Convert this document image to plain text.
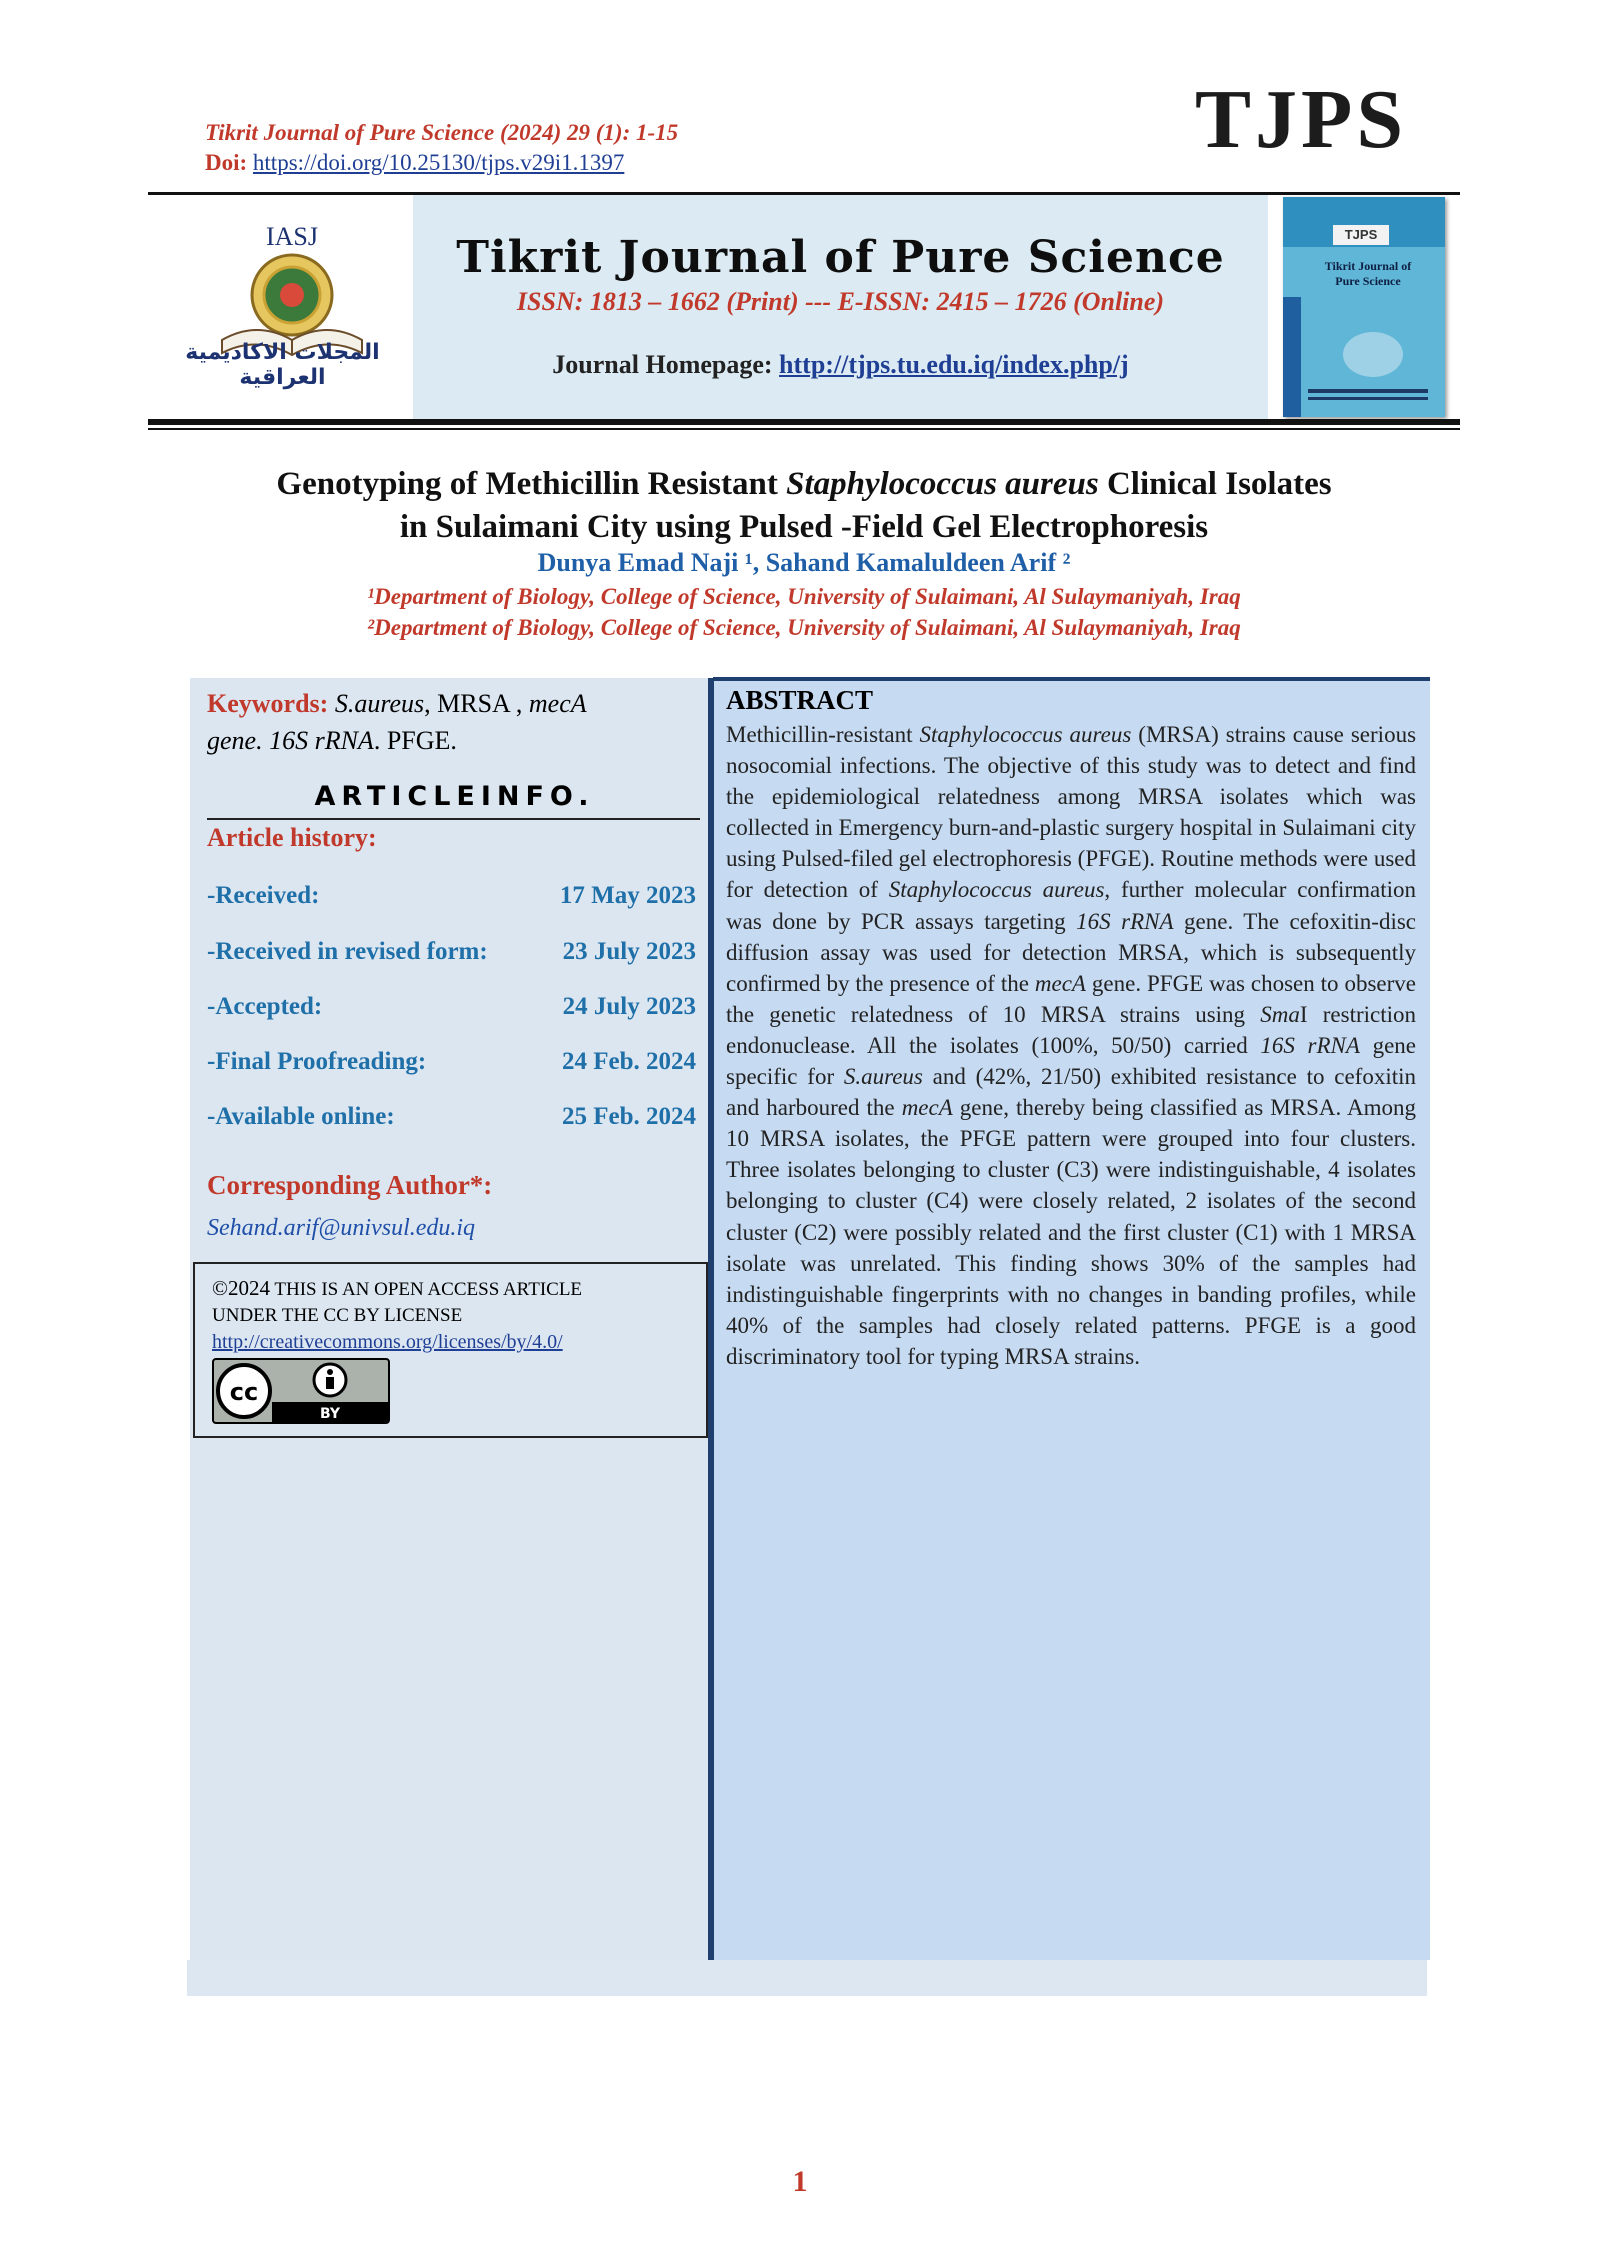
Tikrit Journal of Pure Science (2024) 29 (1): 1-15
Doi: https://doi.org/10.25130/tjps.v29i1.1397	TJPS
IASJ
المجلات الاكاديمية العراقية
Tikrit Journal of Pure Science
ISSN: 1813 – 1662 (Print) --- E-ISSN: 2415 – 1726 (Online)
Journal Homepage: http://tjps.tu.edu.iq/index.php/j
TJPS
Tikrit Journal of Pure Science
Genotyping of Methicillin Resistant Staphylococcus aureus Clinical Isolates
in Sulaimani City using Pulsed -Field Gel Electrophoresis
Dunya Emad Naji ¹, Sahand Kamaluldeen Arif ²
¹Department of Biology, College of Science, University of Sulaimani, Al Sulaymaniyah, Iraq
²Department of Biology, College of Science, University of Sulaimani, Al Sulaymaniyah, Iraq
Keywords: S.aureus, MRSA , mecA
gene. 16S rRNA. PFGE.
ARTICLEINFO.
Article history:
-Received:	17 May 2023
-Received in revised form:	23 July 2023
-Accepted:	24 July 2023
-Final Proofreading:	24 Feb. 2024
-Available online:	25 Feb. 2024
Corresponding Author*:
Sehand.arif@univsul.edu.iq
©2024 THIS IS AN OPEN ACCESS ARTICLE
UNDER THE CC BY LICENSE
http://creativecommons.org/licenses/by/4.0/
cc
BY
ABSTRACT
Methicillin-resistant Staphylococcus aureus (MRSA) strains cause serious nosocomial infections. The objective of this study was to detect and find the epidemiological relatedness among MRSA isolates which was collected in Emergency burn-and-plastic surgery hospital in Sulaimani city using Pulsed-filed gel electrophoresis (PFGE). Routine methods were used for detection of Staphylococcus aureus, further molecular confirmation was done by PCR assays targeting 16S rRNA gene. The cefoxitin-disc diffusion assay was used for detection MRSA, which is subsequently confirmed by the presence of the mecA gene. PFGE was chosen to observe the genetic relatedness of 10 MRSA strains using SmaI restriction endonuclease. All the isolates (100%, 50/50) carried 16S rRNA gene specific for S.aureus and (42%, 21/50) exhibited resistance to cefoxitin and harboured the mecA gene, thereby being classified as MRSA. Among 10 MRSA isolates, the PFGE pattern were grouped into four clusters. Three isolates belonging to cluster (C3) were indistinguishable, 4 isolates belonging to cluster (C4) were closely related, 2 isolates of the second cluster (C2) were possibly related and the first cluster (C1) with 1 MRSA isolate was unrelated. This finding shows 30% of the samples had indistinguishable fingerprints with no changes in banding profiles, while 40% of the samples had closely related patterns. PFGE is a good discriminatory tool for typing MRSA strains.
1
